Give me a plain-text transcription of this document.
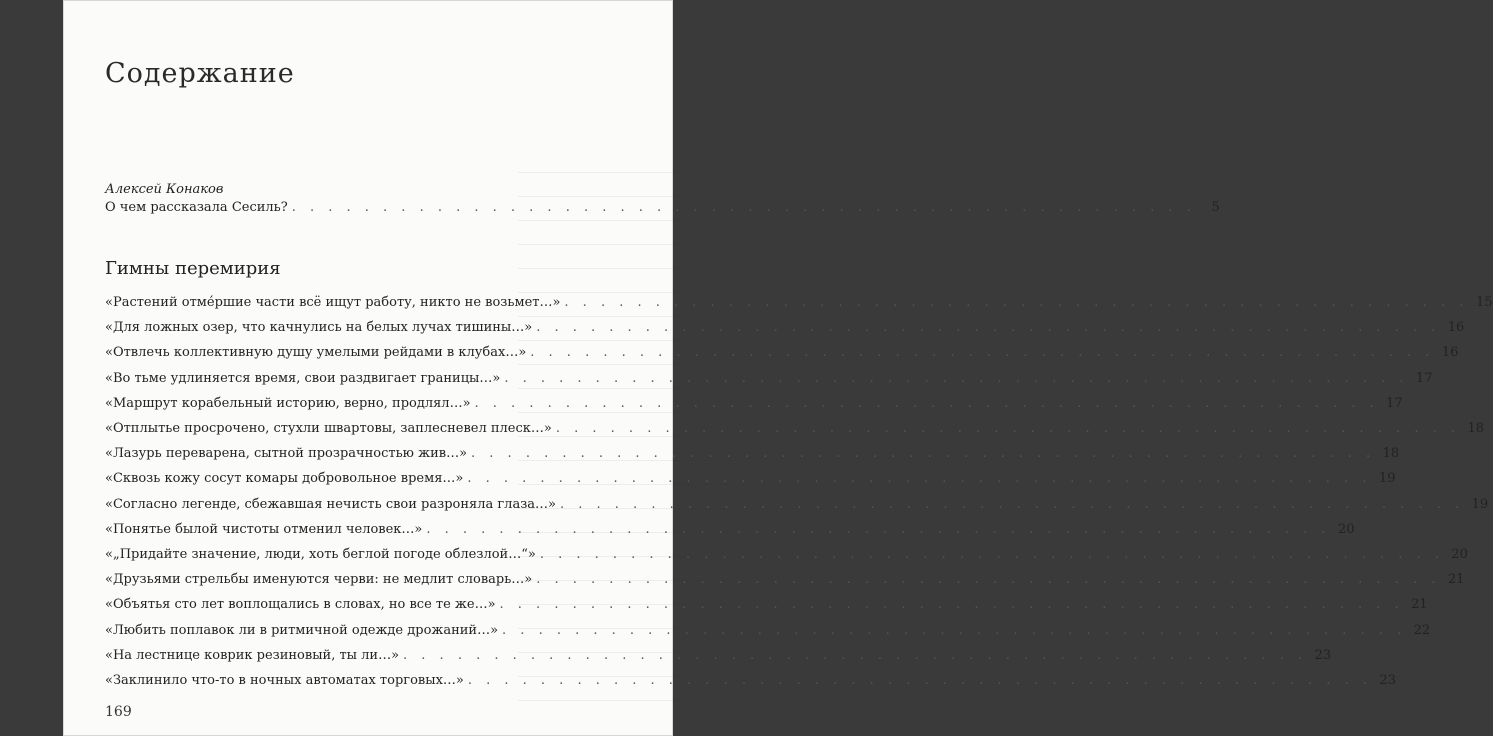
Содержание
Алексей Конаков
О чем рассказала Сесиль? . . . . . . . . . . . . . . . . . . . . . . . . . . . . . . . . . . . . . . . . . . . . . . . . . .	5
Гимны перемирия
«Растений отме́ршие части всё ищут работу, никто не возьмет…» . . . . . . . . . . . . . . . . . . . . . . . . . . . . . . . . . . . . . . . . . . . . . . . . . . 15
«Для ложных озер, что качнулись на белых лучах тишины…» . . . . . . . . . . . . . . . . . . . . . . . . . . . . . . . . . . . . . . . . . . . . . . . . . . 16
«Отвлечь коллективную душу умелыми рейдами в клубах…» . . . . . . . . . . . . . . . . . . . . . . . . . . . . . . . . . . . . . . . . . . . . . . . . . . 16
«Во тьме удлиняется время, свои раздвигает границы…» . . . . . . . . . . . . . . . . . . . . . . . . . . . . . . . . . . . . . . . . . . . . . . . . . . 17
«Маршрут корабельный историю, верно, продлял…» . . . . . . . . . . . . . . . . . . . . . . . . . . . . . . . . . . . . . . . . . . . . . . . . . . 17
«Отплытье просрочено, стухли швартовы, заплесневел плеск…» . . . . . . . . . . . . . . . . . . . . . . . . . . . . . . . . . . . . . . . . . . . . . . . . . . 18
«Лазурь переварена, сытной прозрачностью жив…» . . . . . . . . . . . . . . . . . . . . . . . . . . . . . . . . . . . . . . . . . . . . . . . . . . 18
«Сквозь кожу сосут комары добровольное время…» . . . . . . . . . . . . . . . . . . . . . . . . . . . . . . . . . . . . . . . . . . . . . . . . . . 19
«Согласно легенде, сбежавшая нечисть свои разроняла глаза…» . . . . . . . . . . . . . . . . . . . . . . . . . . . . . . . . . . . . . . . . . . . . . . . . . . 19
«Понятье былой чистоты отменил человек…» . . . . . . . . . . . . . . . . . . . . . . . . . . . . . . . . . . . . . . . . . . . . . . . . . . 20
«„Придайте значение, люди, хоть беглой погоде облезлой…“» . . . . . . . . . . . . . . . . . . . . . . . . . . . . . . . . . . . . . . . . . . . . . . . . . . 20
«Друзьями стрельбы именуются черви: не медлит словарь…» . . . . . . . . . . . . . . . . . . . . . . . . . . . . . . . . . . . . . . . . . . . . . . . . . . 21
«Объятья сто лет воплощались в словах, но все те же…» . . . . . . . . . . . . . . . . . . . . . . . . . . . . . . . . . . . . . . . . . . . . . . . . . . 21
«Любить поплавок ли в ритмичной одежде дрожаний…» . . . . . . . . . . . . . . . . . . . . . . . . . . . . . . . . . . . . . . . . . . . . . . . . . . 22
«На лестнице коврик резиновый, ты ли…» . . . . . . . . . . . . . . . . . . . . . . . . . . . . . . . . . . . . . . . . . . . . . . . . . . 23
«Заклинило что-то в ночных автоматах торговых…» . . . . . . . . . . . . . . . . . . . . . . . . . . . . . . . . . . . . . . . . . . . . . . . . . . 23
169
